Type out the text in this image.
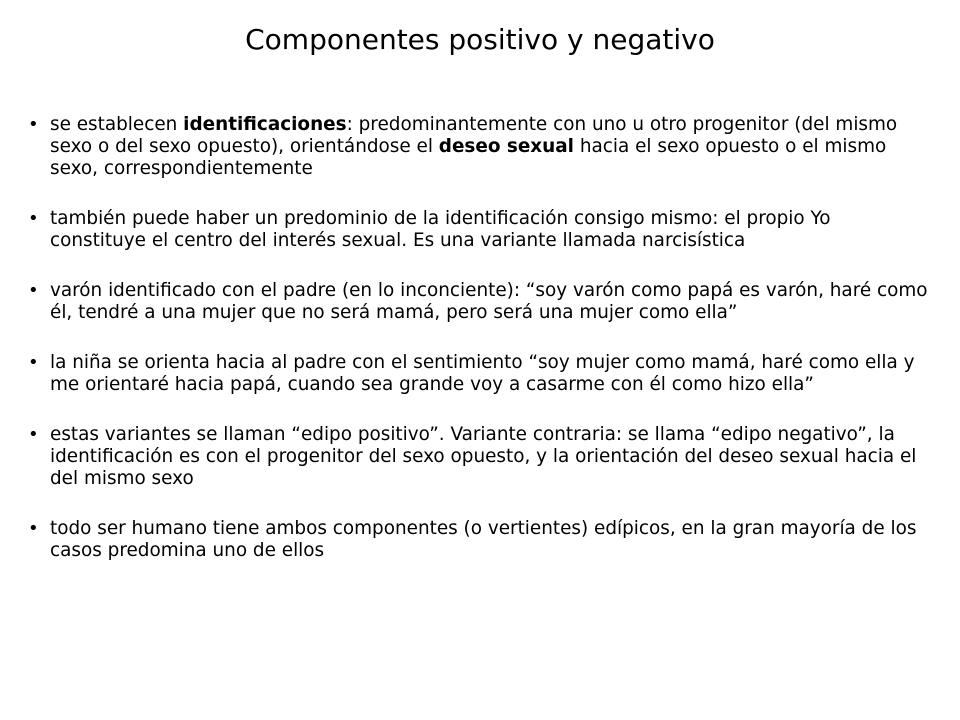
Componentes positivo y negativo
• se establecen identificaciones: predominantemente con uno u otro progenitor (del mismo sexo o del sexo opuesto), orientándose el deseo sexual hacia el sexo opuesto o el mismo sexo, correspondientemente
• también puede haber un predominio de la identificación consigo mismo: el propio Yo constituye el centro del interés sexual. Es una variante llamada narcisística
• varón identificado con el padre (en lo inconciente): “soy varón como papá es varón, haré como él, tendré a una mujer que no será mamá, pero será una mujer como ella”
• la niña se orienta hacia al padre con el sentimiento “soy mujer como mamá, haré como ella y me orientaré hacia papá, cuando sea grande voy a casarme con él como hizo ella”
• estas variantes se llaman “edipo positivo”. Variante contraria: se llama “edipo negativo”, la identificación es con el progenitor del sexo opuesto, y la orientación del deseo sexual hacia el del mismo sexo
• todo ser humano tiene ambos componentes (o vertientes) edípicos, en la gran mayoría de los casos predomina uno de ellos
